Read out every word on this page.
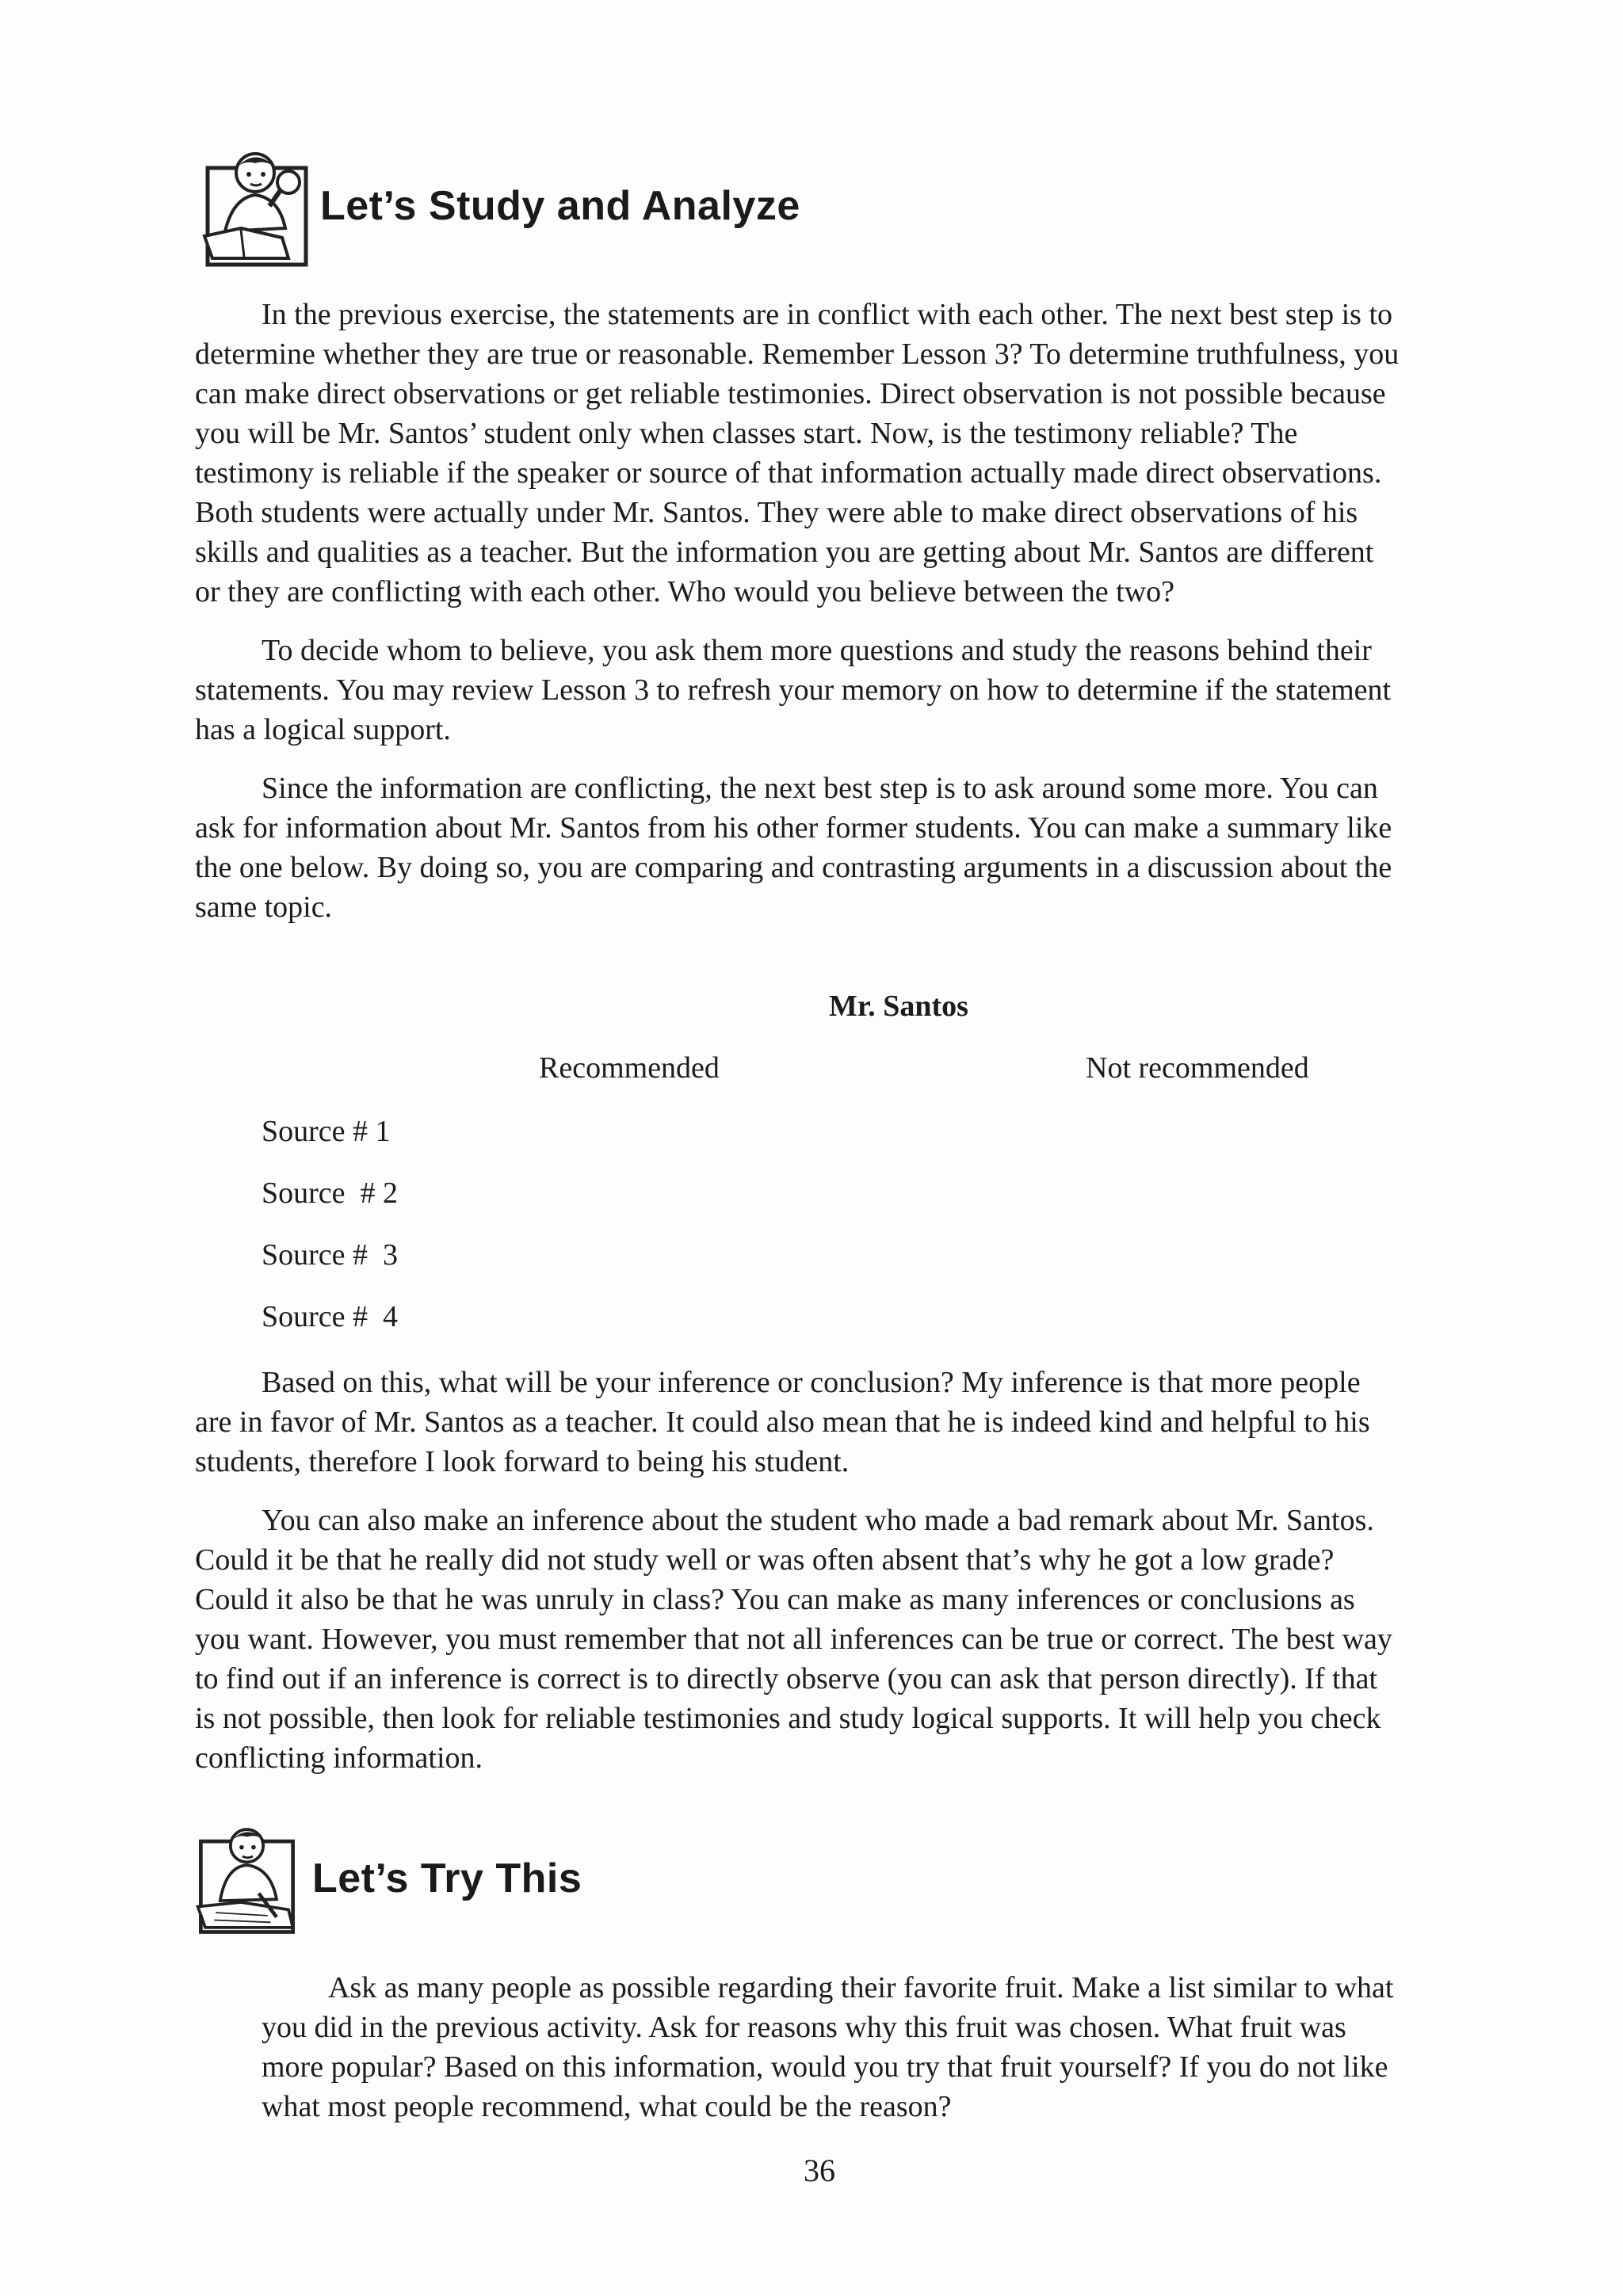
Let’s Study and Analyze

In the previous exercise, the statements are in conflict with each other. The next best step is to determine whether they are true or reasonable. Remember Lesson 3? To determine truthfulness, you can make direct observations or get reliable testimonies. Direct observation is not possible because you will be Mr. Santos’ student only when classes start. Now, is the testimony reliable? The testimony is reliable if the speaker or source of that information actually made direct observations. Both students were actually under Mr. Santos. They were able to make direct observations of his skills and qualities as a teacher. But the information you are getting about Mr. Santos are different or they are conflicting with each other. Who would you believe between the two?

To decide whom to believe, you ask them more questions and study the reasons behind their statements. You may review Lesson 3 to refresh your memory on how to determine if the statement has a logical support.

Since the information are conflicting, the next best step is to ask around some more. You can ask for information about Mr. Santos from his other former students. You can make a summary like the one below. By doing so, you are comparing and contrasting arguments in a discussion about the same topic.

Mr. Santos
Recommended	Not recommended
Source # 1
Source  # 2
Source #  3
Source #  4

Based on this, what will be your inference or conclusion? My inference is that more people are in favor of Mr. Santos as a teacher. It could also mean that he is indeed kind and helpful to his students, therefore I look forward to being his student.

You can also make an inference about the student who made a bad remark about Mr. Santos. Could it be that he really did not study well or was often absent that’s why he got a low grade? Could it also be that he was unruly in class? You can make as many inferences or conclusions as you want. However, you must remember that not all inferences can be true or correct. The best way to find out if an inference is correct is to directly observe (you can ask that person directly). If that is not possible, then look for reliable testimonies and study logical supports. It will help you check conflicting information.

Let’s Try This

Ask as many people as possible regarding their favorite fruit. Make a list similar to what you did in the previous activity. Ask for reasons why this fruit was chosen. What fruit was more popular? Based on this information, would you try that fruit yourself? If you do not like what most people recommend, what could be the reason?

36
